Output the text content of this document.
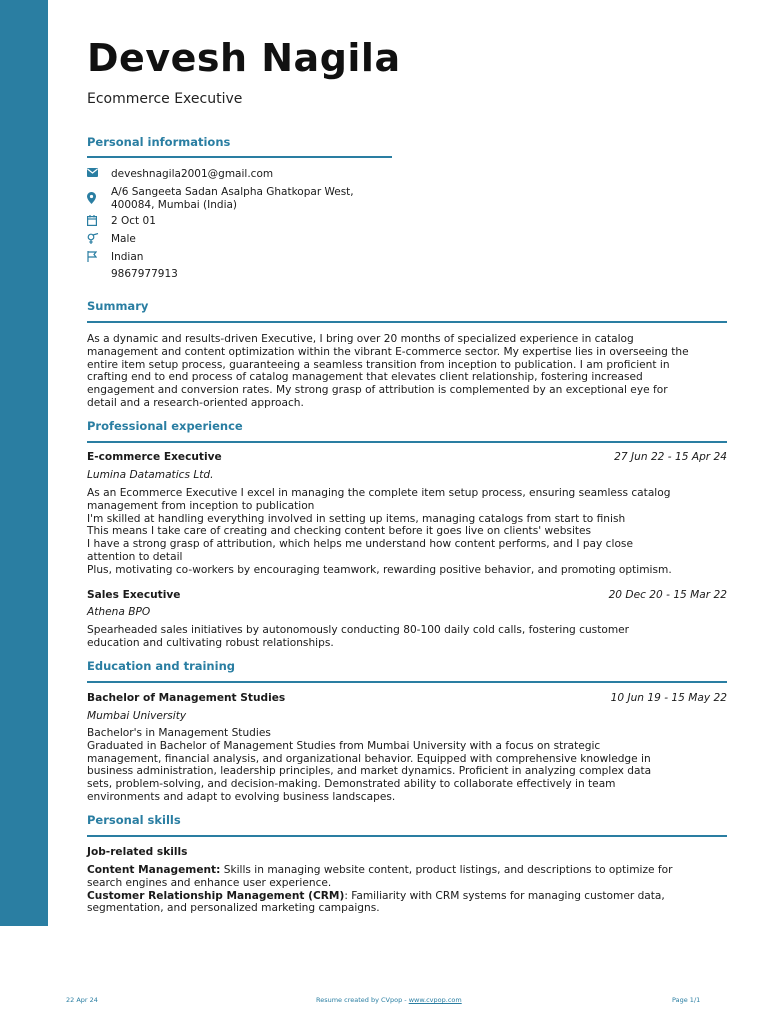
Devesh Nagila
Ecommerce Executive
Personal informations
deveshnagila2001@gmail.com
A/6 Sangeeta Sadan Asalpha Ghatkopar West,
400084, Mumbai (India)
2 Oct 01
Male
Indian
9867977913
Summary
As a dynamic and results-driven Executive, I bring over 20 months of specialized experience in catalog
management and content optimization within the vibrant E-commerce sector. My expertise lies in overseeing the
entire item setup process, guaranteeing a seamless transition from inception to publication. I am proficient in
crafting end to end process of catalog management that elevates client relationship, fostering increased
engagement and conversion rates. My strong grasp of attribution is complemented by an exceptional eye for
detail and a research-oriented approach.
Professional experience
E-commerce Executive	27 Jun 22 - 15 Apr 24
Lumina Datamatics Ltd.
As an Ecommerce Executive I excel in managing the complete item setup process, ensuring seamless catalog
management from inception to publication
I'm skilled at handling everything involved in setting up items, managing catalogs from start to finish
This means I take care of creating and checking content before it goes live on clients' websites
I have a strong grasp of attribution, which helps me understand how content performs, and I pay close
attention to detail
Plus, motivating co-workers by encouraging teamwork, rewarding positive behavior, and promoting optimism.
Sales Executive	20 Dec 20 - 15 Mar 22
Athena BPO
Spearheaded sales initiatives by autonomously conducting 80-100 daily cold calls, fostering customer
education and cultivating robust relationships.
Education and training
Bachelor of Management Studies	10 Jun 19 - 15 May 22
Mumbai University
Bachelor's in Management Studies
Graduated in Bachelor of Management Studies from Mumbai University with a focus on strategic
management, financial analysis, and organizational behavior. Equipped with comprehensive knowledge in
business administration, leadership principles, and market dynamics. Proficient in analyzing complex data
sets, problem-solving, and decision-making. Demonstrated ability to collaborate effectively in team
environments and adapt to evolving business landscapes.
Personal skills
Job-related skills
Content Management: Skills in managing website content, product listings, and descriptions to optimize for
search engines and enhance user experience.
Customer Relationship Management (CRM): Familiarity with CRM systems for managing customer data,
segmentation, and personalized marketing campaigns.
22 Apr 24	Resume created by CVpop - www.cvpop.com	Page 1/1
